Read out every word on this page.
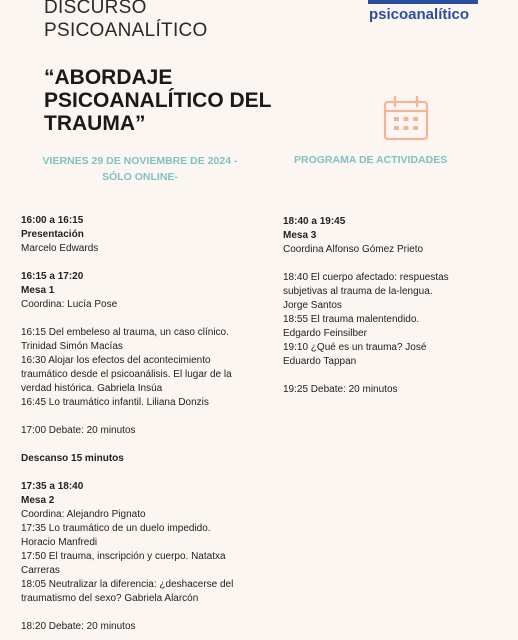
DISCURSO
PSICOANALÍTICO
psicoanalítico
“ABORDAJE
PSICOANALÍTICO DEL
TRAUMA”
VIERNES 29 DE NOVIEMBRE DE 2024 -
SÓLO ONLINE-
PROGRAMA DE ACTIVIDADES
16:00 a 16:15
Presentación
Marcelo Edwards
16:15 a 17:20
Mesa 1
Coordina: Lucía Pose
16:15 Del embeleso al trauma, un caso clínico.
Trinidad Simón Macías
16:30 Alojar los efectos del acontecimiento
traumático desde el psicoanálisis. El lugar de la
verdad histórica. Gabriela Insúa
16:45 Lo traumático infantil. Liliana Donzis
17:00 Debate: 20 minutos
Descanso 15 minutos
17:35 a 18:40
Mesa 2
Coordina: Alejandro Pignato
17:35 Lo traumático de un duelo impedido.
Horacio Manfredi
17:50 El trauma, inscripción y cuerpo. Natatxa
Carreras
18:05 Neutralizar la diferencia: ¿deshacerse del
traumatismo del sexo? Gabriela Alarcón
18:20 Debate: 20 minutos
18:40 a 19:45
Mesa 3
Coordina Alfonso Gómez Prieto
18:40 El cuerpo afectado: respuestas
subjetivas al trauma de la-lengua.
Jorge Santos
18:55 El trauma malentendido.
Edgardo Feinsilber
19:10 ¿Qué es un trauma? José
Eduardo Tappan
19:25 Debate: 20 minutos
